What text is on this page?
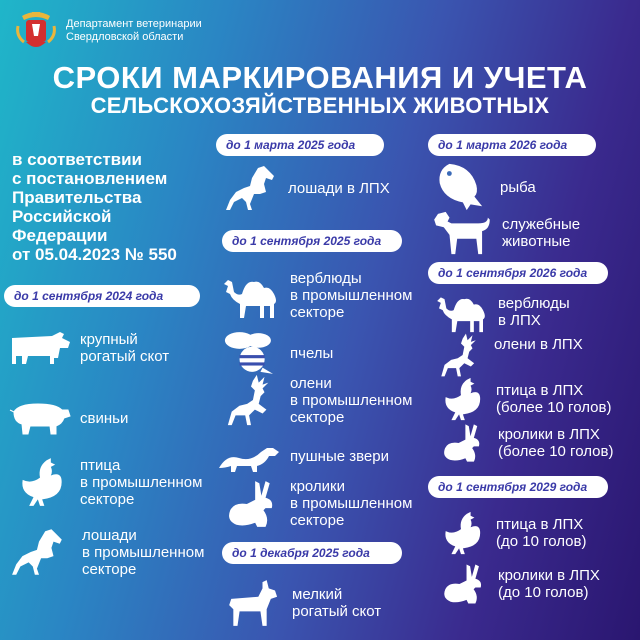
Департамент ветеринарии
Свердловской области
СРОКИ МАРКИРОВАНИЯ И УЧЕТА
СЕЛЬСКОХОЗЯЙСТВЕННЫХ ЖИВОТНЫХ
в соответствии
с постановлением
Правительства
Российской
Федерации
от 05.04.2023 № 550
до 1 сентября 2024 года
крупный
рогатый скот
свиньи
птица
в промышленном
секторе
лошади
в промышленном
секторе
до 1 марта 2025 года
лошади в ЛПХ
до 1 сентября 2025 года
верблюды
в промышленном
секторе
пчелы
олени
в промышленном
секторе
пушные звери
кролики
в промышленном
секторе
до 1 декабря 2025 года
мелкий
рогатый скот
до 1 марта 2026 года
рыба
служебные
животные
до 1 сентября 2026 года
верблюды
в ЛПХ
олени в ЛПХ
птица в ЛПХ
(более 10 голов)
кролики в ЛПХ
(более 10 голов)
до 1 сентября 2029 года
птица в ЛПХ
(до 10 голов)
кролики в ЛПХ
(до 10 голов)
